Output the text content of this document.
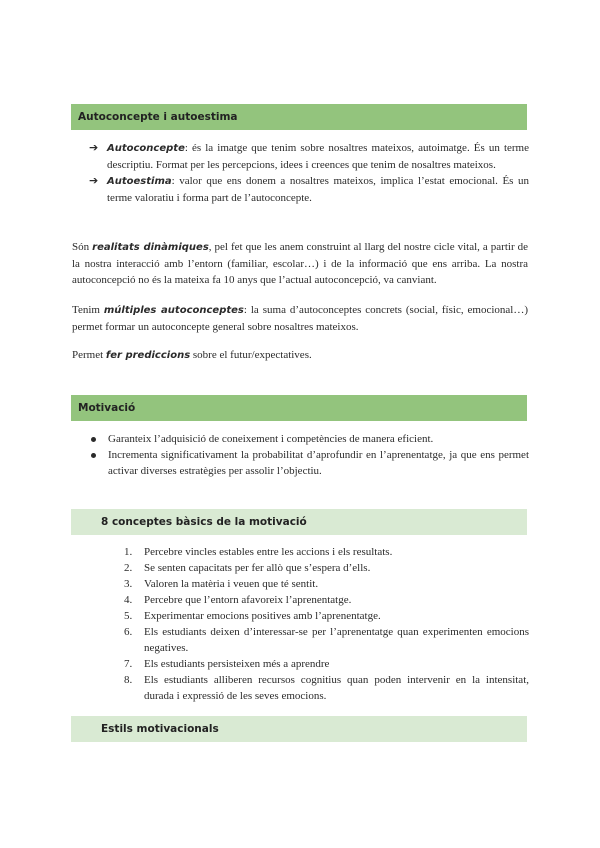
Autoconcepte i autoestima
➔ Autoconcepte: és la imatge que tenim sobre nosaltres mateixos, autoimatge. És un terme descriptiu. Format per les percepcions, idees i creences que tenim de nosaltres mateixos.
➔ Autoestima: valor que ens donem a nosaltres mateixos, implica l’estat emocional. És un terme valoratiu i forma part de l’autoconcepte.

Són realitats dinàmiques, pel fet que les anem construint al llarg del nostre cicle vital, a partir de la nostra interacció amb l’entorn (familiar, escolar…) i de la informació que ens arriba. La nostra autoconcepció no és la mateixa fa 10 anys que l’actual autoconcepció, va canviant.

Tenim múltiples autoconceptes: la suma d’autoconceptes concrets (social, físic, emocional…) permet formar un autoconcepte general sobre nosaltres mateixos.

Permet fer prediccions sobre el futur/expectatives.

Motivació
Garanteix l’adquisició de coneixement i competències de manera eficient.
Incrementa significativament la probabilitat d’aprofundir en l’aprenentatge, ja que ens permet activar diverses estratègies per assolir l’objectiu.
8 conceptes bàsics de la motivació
1. Percebre vincles estables entre les accions i els resultats.
2. Se senten capacitats per fer allò que s’espera d’ells.
3. Valoren la matèria i veuen que té sentit.
4. Percebre que l’entorn afavoreix l’aprenentatge.
5. Experimentar emocions positives amb l’aprenentatge.
6. Els estudiants deixen d’interessar-se per l’aprenentatge quan experimenten emocions negatives.
7. Els estudiants persisteixen més a aprendre
8. Els estudiants alliberen recursos cognitius quan poden intervenir en la intensitat, durada i expressió de les seves emocions.
Estils motivacionals
